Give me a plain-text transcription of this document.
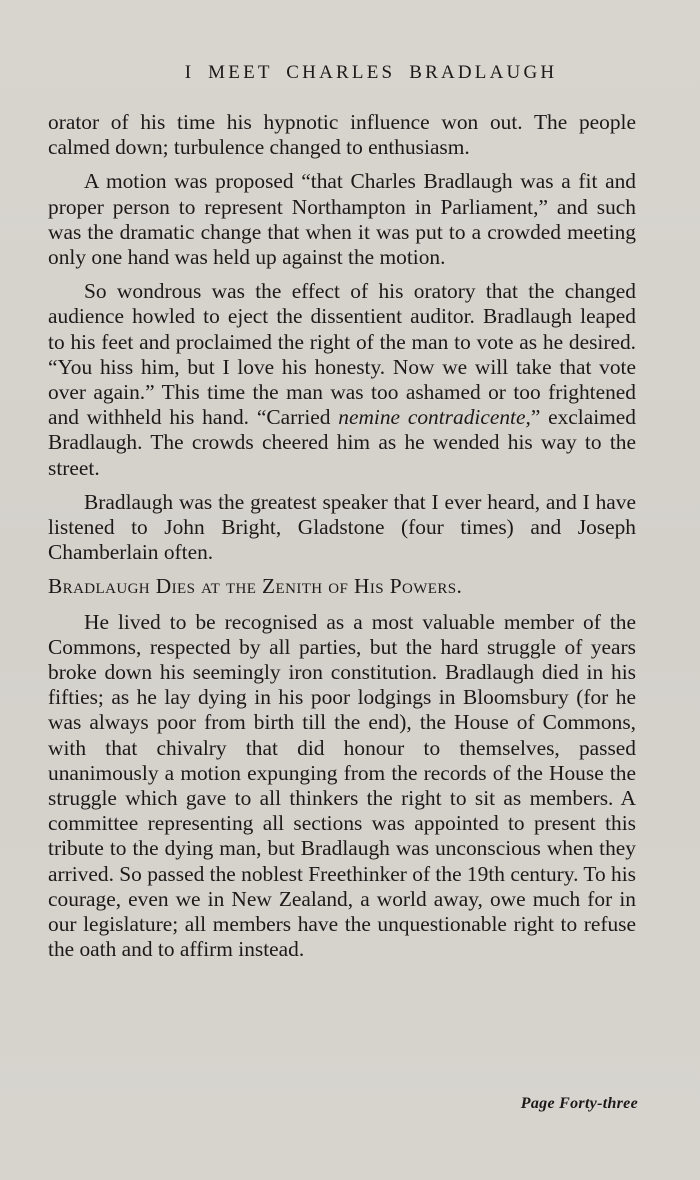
I MEET CHARLES BRADLAUGH

orator of his time his hypnotic influence won out. The people calmed down; turbulence changed to enthusiasm.

A motion was proposed “that Charles Bradlaugh was a fit and proper person to represent Northampton in Parliament,” and such was the dramatic change that when it was put to a crowded meeting only one hand was held up against the motion.

So wondrous was the effect of his oratory that the changed audience howled to eject the dissentient auditor. Bradlaugh leaped to his feet and proclaimed the right of the man to vote as he desired. “You hiss him, but I love his honesty. Now we will take that vote over again.” This time the man was too ashamed or too frightened and withheld his hand. “Carried nemine contradicente,” exclaimed Bradlaugh. The crowds cheered him as he wended his way to the street.

Bradlaugh was the greatest speaker that I ever heard, and I have listened to John Bright, Gladstone (four times) and Joseph Chamberlain often.

Bradlaugh Dies at the Zenith of His Powers.

He lived to be recognised as a most valuable member of the Commons, respected by all parties, but the hard struggle of years broke down his seemingly iron constitution. Bradlaugh died in his fifties; as he lay dying in his poor lodgings in Bloomsbury (for he was always poor from birth till the end), the House of Commons, with that chivalry that did honour to themselves, passed unanimously a motion expunging from the records of the House the struggle which gave to all thinkers the right to sit as members. A committee representing all sections was appointed to present this tribute to the dying man, but Bradlaugh was unconscious when they arrived. So passed the noblest Freethinker of the 19th century. To his courage, even we in New Zealand, a world away, owe much for in our legislature; all members have the unquestionable right to refuse the oath and to affirm instead.

Page Forty-three
